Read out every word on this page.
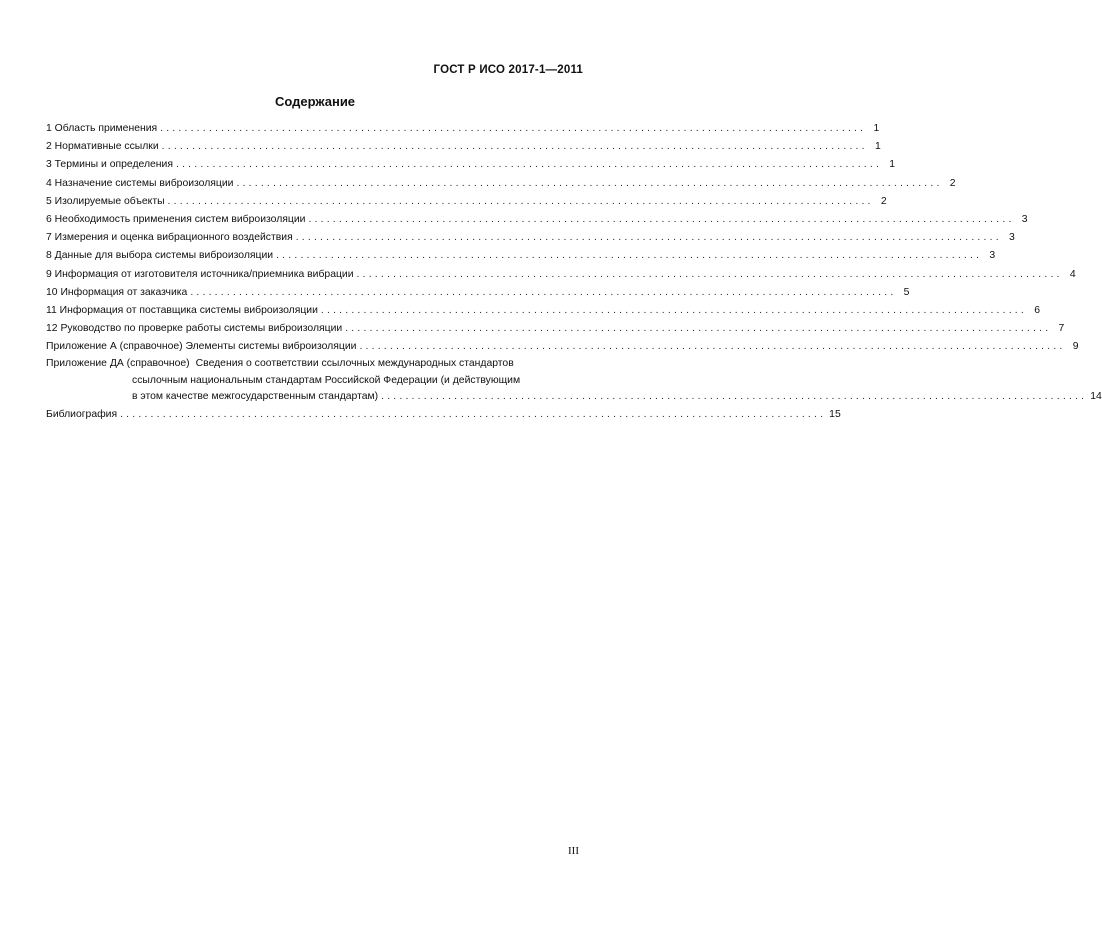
ГОСТ Р ИСО 2017-1—2011
Содержание
1 Область применения .................................................................................................................... 1
2 Нормативные ссылки .................................................................................................................... 1
3 Термины и определения .................................................................................................................... 1
4 Назначение системы виброизоляции .................................................................................................................... 2
5 Изолируемые объекты .................................................................................................................... 2
6 Необходимость применения систем виброизоляции .................................................................................................................... 3
7 Измерения и оценка вибрационного воздействия .................................................................................................................... 3
8 Данные для выбора системы виброизоляции .................................................................................................................... 3
9 Информация от изготовителя источника/приемника вибрации .................................................................................................................... 4
10 Информация от заказчика .................................................................................................................... 5
11 Информация от поставщика системы виброизоляции .................................................................................................................... 6
12 Руководство по проверке работы системы виброизоляции .................................................................................................................... 7
Приложение А (справочное) Элементы системы виброизоляции .................................................................................................................... 9
Приложение ДА (справочное) Сведения о соответствии ссылочных международных стандартов
ссылочным национальным стандартам Российской Федерации (и действующим
в этом качестве межгосударственным стандартам) .................................................................................................................... 14
Библиография .................................................................................................................... 15
III
